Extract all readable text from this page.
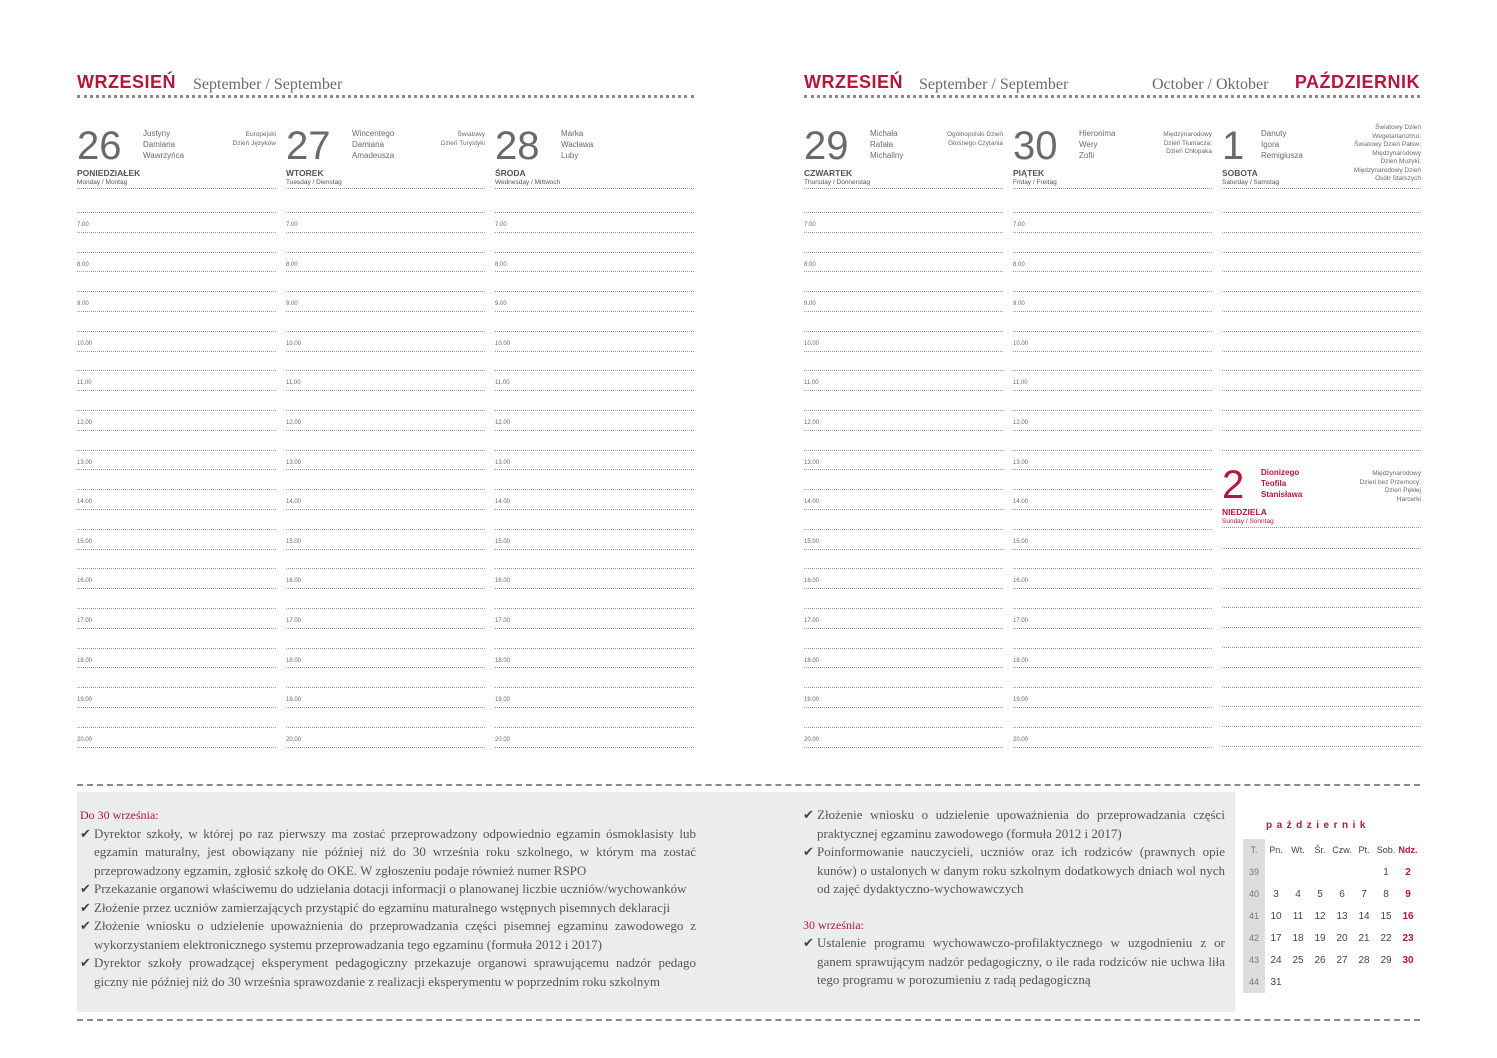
WRZESIEŃ September / September	WRZESIEŃ September / September	October / Oktober PAŹDZIERNIK
26	Justyny
Damiana
Wawrzyńca
Europejski
Dzień Języków
PONIEDZIAŁEK
Monday / Montag
7.00
8.00
9.00
10.00
11.00
12.00
13.00
14.00
15.00
16.00
17.00
18.00
19.00
20.00
27	Wincentego
Damiana
Amadeusza
Światowy
Dzień Turystyki
WTOREK
Tuesday / Dienstag
7.00
8.00
9.00
10.00
11.00
12.00
13.00
14.00
15.00
16.00
17.00
18.00
19.00
20.00
28	Marka
Wacława
Luby
ŚRODA
Wednesday / Mittwoch
7.00
8.00
9.00
10.00
11.00
12.00
13.00
14.00
15.00
16.00
17.00
18.00
19.00
20.00
29	Michała
Rafała
Michaliny
Ogólnopolski Dzień
Głośnego Czytania
CZWARTEK
Thursday / Donnerstag
7.00
8.00
9.00
10.00
11.00
12.00
13.00
14.00
15.00
16.00
17.00
18.00
19.00
20.00
30	Hieronima
Wery
Zofii
Międzynarodowy
Dzień Tłumacza;
Dzień Chłopaka
PIĄTEK
Friday / Freitag
7.00
8.00
9.00
10.00
11.00
12.00
13.00
14.00
15.00
16.00
17.00
18.00
19.00
20.00
1 Danuty
Igora
Remigiusza
Światowy Dzień
Wegetarianizmu;
Światowy Dzień Pałśw;
Międzynarodowy
Dzień Muzyki;
Międzynarodowy Dzień
Osób Starszych
SOBOTA
Saturday / Samstag
2 Dionizego
Teofila
Stanisława
Międzynarodowy
Dzień bez Przemocy;
Dzień Pękłej
Harcerki
NIEDZIELA
Sunday / Sonntag
Do 30 września:
✔ Dyrektor szkoły, w której po raz pierwszy ma zostać przeprowadzony odpowiednio egzamin ósmoklasisty lub egzamin maturalny, jest obowiązany nie później niż do 30 września roku szkolnego, w którym ma zostać przeprowadzony egzamin, zgłosić szkołę do OKE. W zgłoszeniu podaje również numer RSPO
✔ Przekazanie organowi właściwemu do udzielania dotacji informacji o planowanej liczbie uczniów/wychowanków
✔ Złożenie przez uczniów zamierzających przystąpić do egzaminu maturalnego wstępnych pisemnych deklaracji
✔ Złożenie wniosku o udzielenie upoważnienia do przeprowadzania części pisemnej egzaminu zawodowego z wykorzystaniem elektronicznego systemu przeprowadzania tego egzaminu (formuła 2012 i 2017)
✔ Dyrektor szkoły prowadzącej eksperyment pedagogiczny przekazuje organowi sprawującemu nadzór pedago giczny nie później niż do 30 września sprawozdanie z realizacji eksperymentu w poprzednim roku szkolnym
✔ Złożenie wniosku o udzielenie upoważnienia do przeprowadzania części praktycznej egzaminu zawodowego (formuła 2012 i 2017)
✔ Poinformowanie nauczycieli, uczniów oraz ich rodziców (prawnych opie kunów) o ustalonych w danym roku szkolnym dodatkowych dniach wol nych od zajęć dydaktyczno-wychowawczych
30 września:
✔ Ustalenie programu wychowawczo-profilaktycznego w uzgodnieniu z or ganem sprawującym nadzór pedagogiczny, o ile rada rodziców nie uchwa liła tego programu w porozumieniu z radą pedagogiczną
październik
T.	Pn.	Wt.	Śr.	Czw.	Pt.	Sob.	Ndz.
39						1	2
40	3	4	5	6	7	8	9
41	10	11	12	13	14	15	16
42	17	18	19	20	21	22	23
43	24	25	26	27	28	29	30
44	31						
